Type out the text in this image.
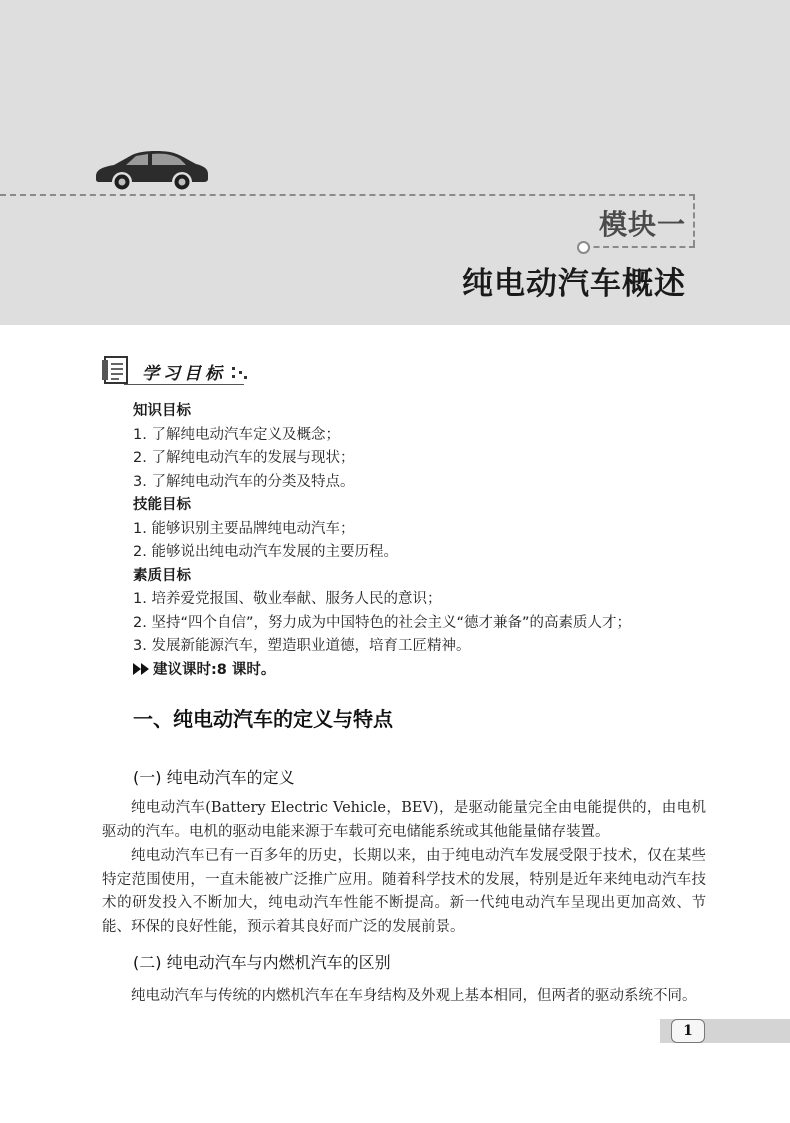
模块一
纯电动汽车概述
学习目标
知识目标
1. 了解纯电动汽车定义及概念；
2. 了解纯电动汽车的发展与现状；
3. 了解纯电动汽车的分类及特点。
技能目标
1. 能够识别主要品牌纯电动汽车；
2. 能够说出纯电动汽车发展的主要历程。
素质目标
1. 培养爱党报国、敬业奉献、服务人民的意识；
2. 坚持“四个自信”，努力成为中国特色的社会主义“德才兼备”的高素质人才；
3. 发展新能源汽车，塑造职业道德，培育工匠精神。
建议课时:8 课时。
一、纯电动汽车的定义与特点
(一) 纯电动汽车的定义

纯电动汽车(Battery Electric Vehicle，BEV)，是驱动能量完全由电能提供的，由电机驱动的汽车。电机的驱动电能来源于车载可充电储能系统或其他能量储存装置。

纯电动汽车已有一百多年的历史，长期以来，由于纯电动汽车发展受限于技术，仅在某些特定范围使用，一直未能被广泛推广应用。随着科学技术的发展，特别是近年来纯电动汽车技术的研发投入不断加大，纯电动汽车性能不断提高。新一代纯电动汽车呈现出更加高效、节能、环保的良好性能，预示着其良好而广泛的发展前景。

(二) 纯电动汽车与内燃机汽车的区别

纯电动汽车与传统的内燃机汽车在车身结构及外观上基本相同，但两者的驱动系统不同。

1
